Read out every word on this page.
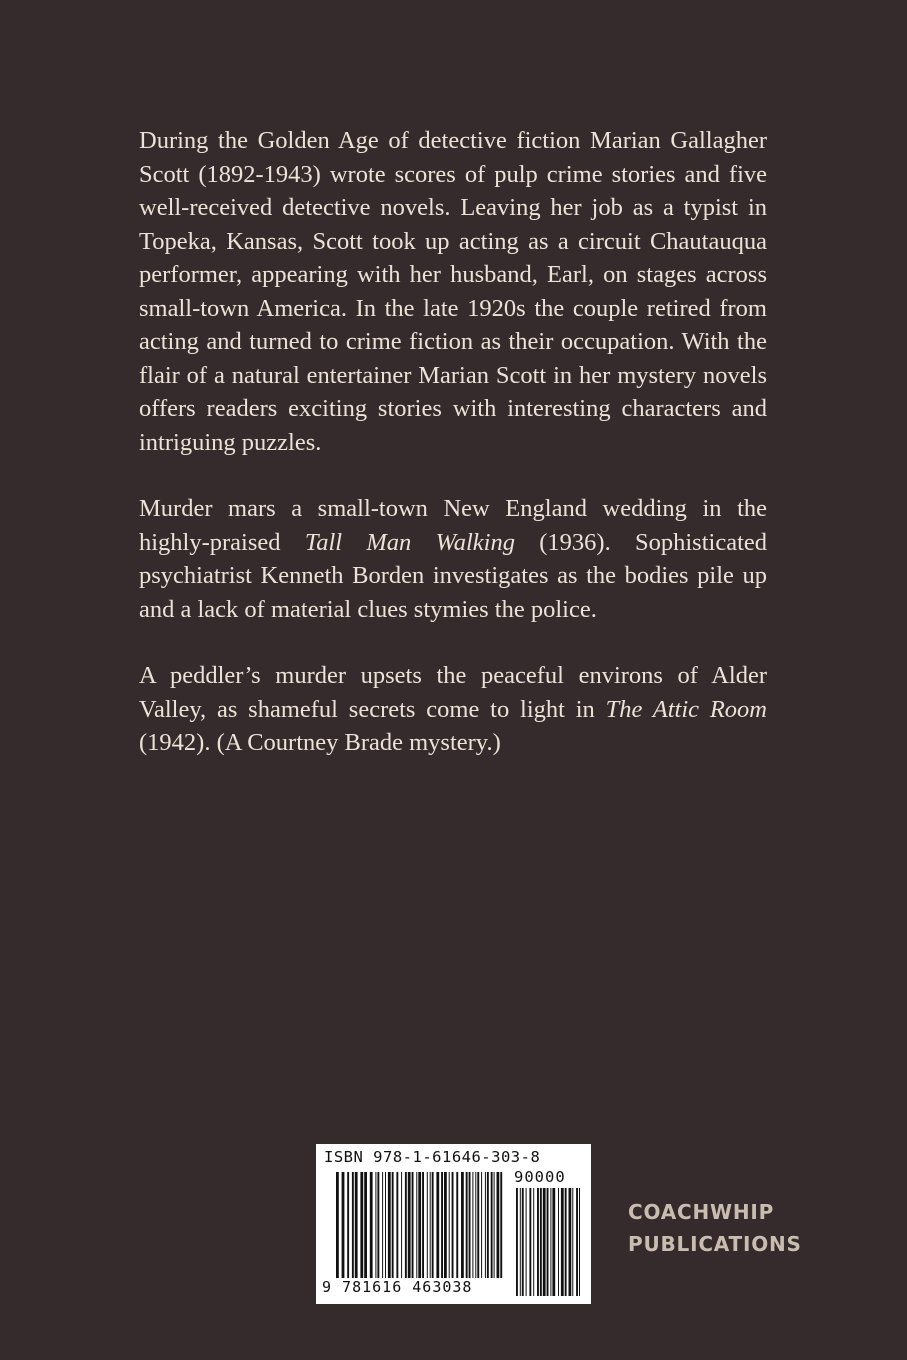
During the Golden Age of detective fiction Marian Gallagher Scott (1892-1943) wrote scores of pulp crime stories and five well-received detective novels. Leaving her job as a typist in Topeka, Kansas, Scott took up acting as a circuit Chautauqua performer, appearing with her husband, Earl, on stages across small-town America. In the late 1920s the couple retired from acting and turned to crime fiction as their occupation. With the flair of a natural entertainer Marian Scott in her mystery novels offers readers exciting stories with interesting characters and intriguing puzzles.

Murder mars a small-town New England wedding in the highly-praised Tall Man Walking (1936). Sophisticated psychiatrist Kenneth Borden investigates as the bodies pile up and a lack of material clues stymies the police.

A peddler’s murder upsets the peaceful environs of Alder Valley, as shameful secrets come to light in The Attic Room (1942). (A Courtney Brade mystery.)

ISBN 978-1-61646-303-8
90000
9 781616 463038
COACHWHIP
PUBLICATIONS
